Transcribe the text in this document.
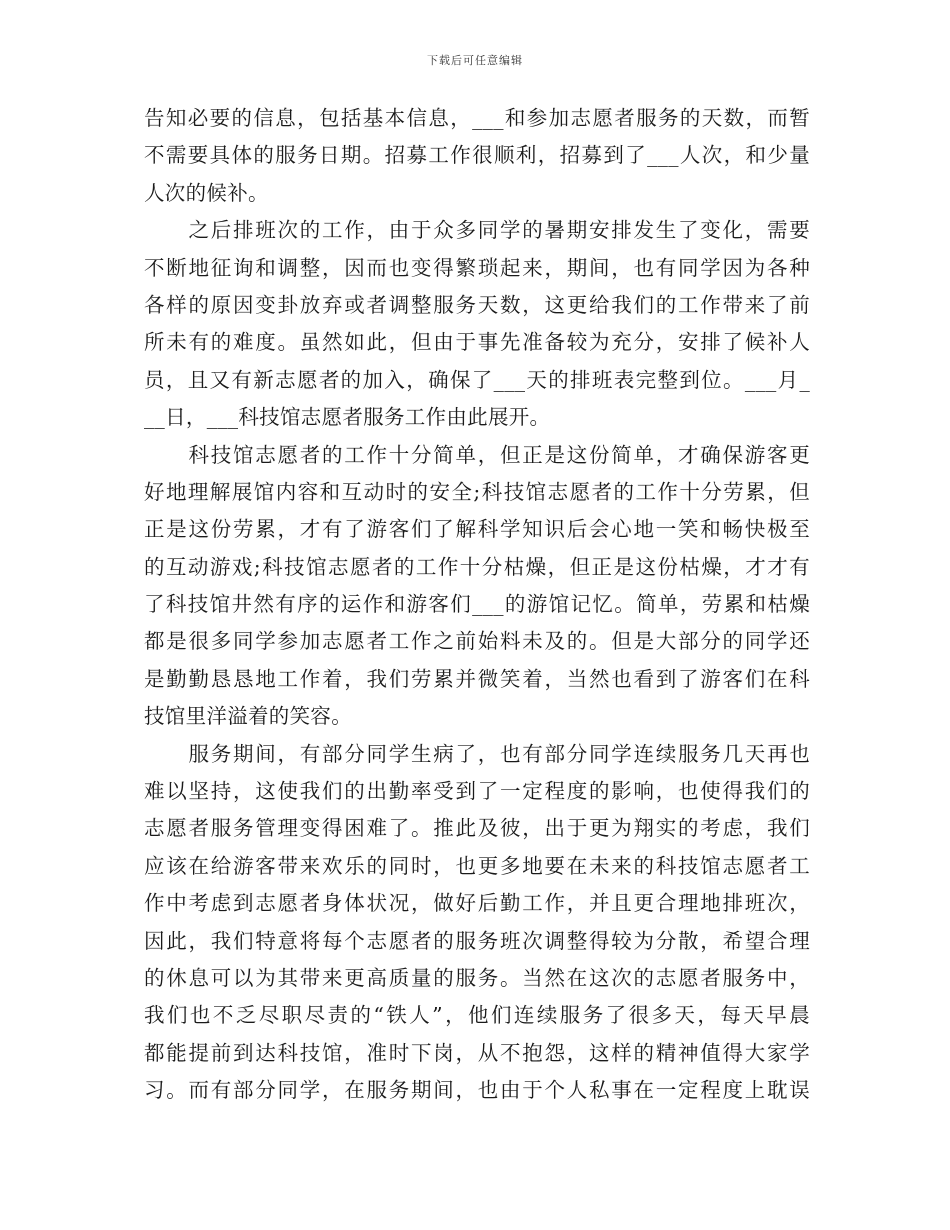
下载后可任意编辑
告知必要的信息，包括基本信息，___和参加志愿者服务的天数，而暂
不需要具体的服务日期。招募工作很顺利，招募到了___人次，和少量
人次的候补。
　　之后排班次的工作，由于众多同学的暑期安排发生了变化，需要
不断地征询和调整，因而也变得繁琐起来，期间，也有同学因为各种
各样的原因变卦放弃或者调整服务天数，这更给我们的工作带来了前
所未有的难度。虽然如此，但由于事先准备较为充分，安排了候补人
员，且又有新志愿者的加入，确保了___天的排班表完整到位。___月_
__日，___科技馆志愿者服务工作由此展开。
　　科技馆志愿者的工作十分简单，但正是这份简单，才确保游客更
好地理解展馆内容和互动时的安全;科技馆志愿者的工作十分劳累，但
正是这份劳累，才有了游客们了解科学知识后会心地一笑和畅快极至
的互动游戏;科技馆志愿者的工作十分枯燥，但正是这份枯燥，才才有
了科技馆井然有序的运作和游客们___的游馆记忆。简单，劳累和枯燥
都是很多同学参加志愿者工作之前始料未及的。但是大部分的同学还
是勤勤恳恳地工作着，我们劳累并微笑着，当然也看到了游客们在科
技馆里洋溢着的笑容。
　　服务期间，有部分同学生病了，也有部分同学连续服务几天再也
难以坚持，这使我们的出勤率受到了一定程度的影响，也使得我们的
志愿者服务管理变得困难了。推此及彼，出于更为翔实的考虑，我们
应该在给游客带来欢乐的同时，也更多地要在未来的科技馆志愿者工
作中考虑到志愿者身体状况，做好后勤工作，并且更合理地排班次，
因此，我们特意将每个志愿者的服务班次调整得较为分散，希望合理
的休息可以为其带来更高质量的服务。当然在这次的志愿者服务中，
我们也不乏尽职尽责的“铁人”，他们连续服务了很多天，每天早晨
都能提前到达科技馆，准时下岗，从不抱怨，这样的精神值得大家学
习。而有部分同学，在服务期间，也由于个人私事在一定程度上耽误
